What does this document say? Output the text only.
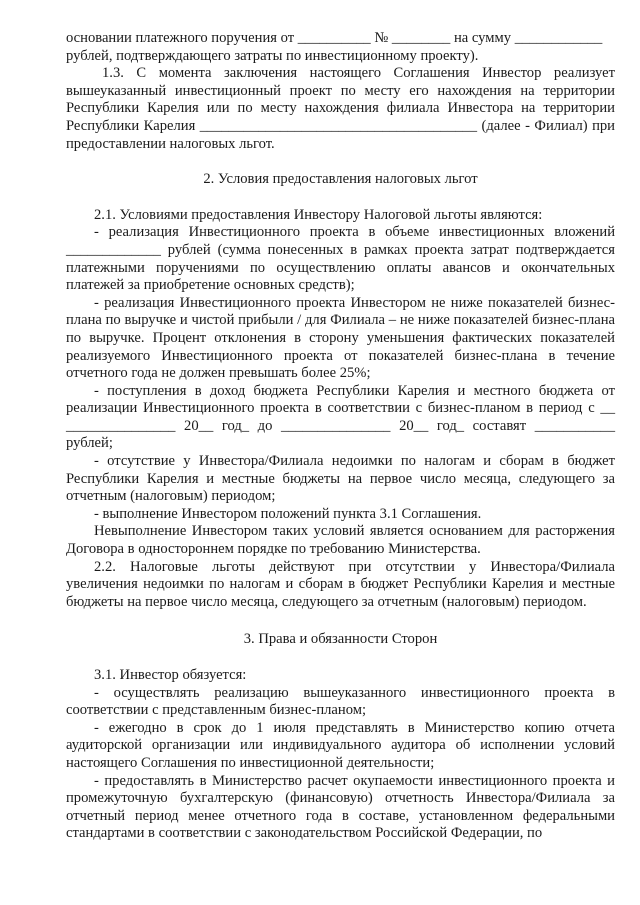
основании платежного поручения от __________ № ________ на сумму ____________

рублей, подтверждающего затраты по инвестиционному проекту).

1.3. С момента заключения настоящего Соглашения Инвестор реализует вышеуказанный инвестиционный проект по месту его нахождения на территории Республики Карелия или по месту нахождения филиала Инвестора на территории Республики Карелия ______________________________________ (далее - Филиал) при предоставлении налоговых льгот.

2. Условия предоставления налоговых льгот

2.1. Условиями предоставления Инвестору Налоговой льготы являются:

- реализация Инвестиционного проекта в объеме инвестиционных вложений _____________ рублей (сумма понесенных в рамках проекта затрат подтверждается платежными поручениями по осуществлению оплаты авансов и окончательных платежей за приобретение основных средств);

- реализация Инвестиционного проекта Инвестором не ниже показателей бизнес-плана по выручке и чистой прибыли / для Филиала – не ниже показателей бизнес-плана по выручке. Процент отклонения в сторону уменьшения фактических показателей реализуемого Инвестиционного проекта от показателей бизнес-плана в течение отчетного года не должен превышать более 25%;

- поступления в доход бюджета Республики Карелия и местного бюджета от реализации Инвестиционного проекта в соответствии с бизнес-планом в период с __ _______________ 20__ год_ до _______________ 20__ год_ составят ___________ рублей;

- отсутствие у Инвестора/Филиала недоимки по налогам и сборам в бюджет Республики Карелия и местные бюджеты на первое число месяца, следующего за отчетным (налоговым) периодом;

- выполнение Инвестором положений пункта 3.1 Соглашения.

Невыполнение Инвестором таких условий является основанием для расторжения Договора в одностороннем порядке по требованию Министерства.

2.2. Налоговые льготы действуют при отсутствии у Инвестора/Филиала увеличения недоимки по налогам и сборам в бюджет Республики Карелия и местные бюджеты на первое число месяца, следующего за отчетным (налоговым) периодом.

3. Права и обязанности Сторон

3.1. Инвестор обязуется:

- осуществлять реализацию вышеуказанного инвестиционного проекта в соответствии с представленным бизнес-планом;

- ежегодно в срок до 1 июля представлять в Министерство копию отчета аудиторской организации или индивидуального аудитора об исполнении условий настоящего Соглашения по инвестиционной деятельности;

- предоставлять в Министерство расчет окупаемости инвестиционного проекта и промежуточную бухгалтерскую (финансовую) отчетность Инвестора/Филиала за отчетный период менее отчетного года в составе, установленном федеральными стандартами в соответствии с законодательством Российской Федерации, по
